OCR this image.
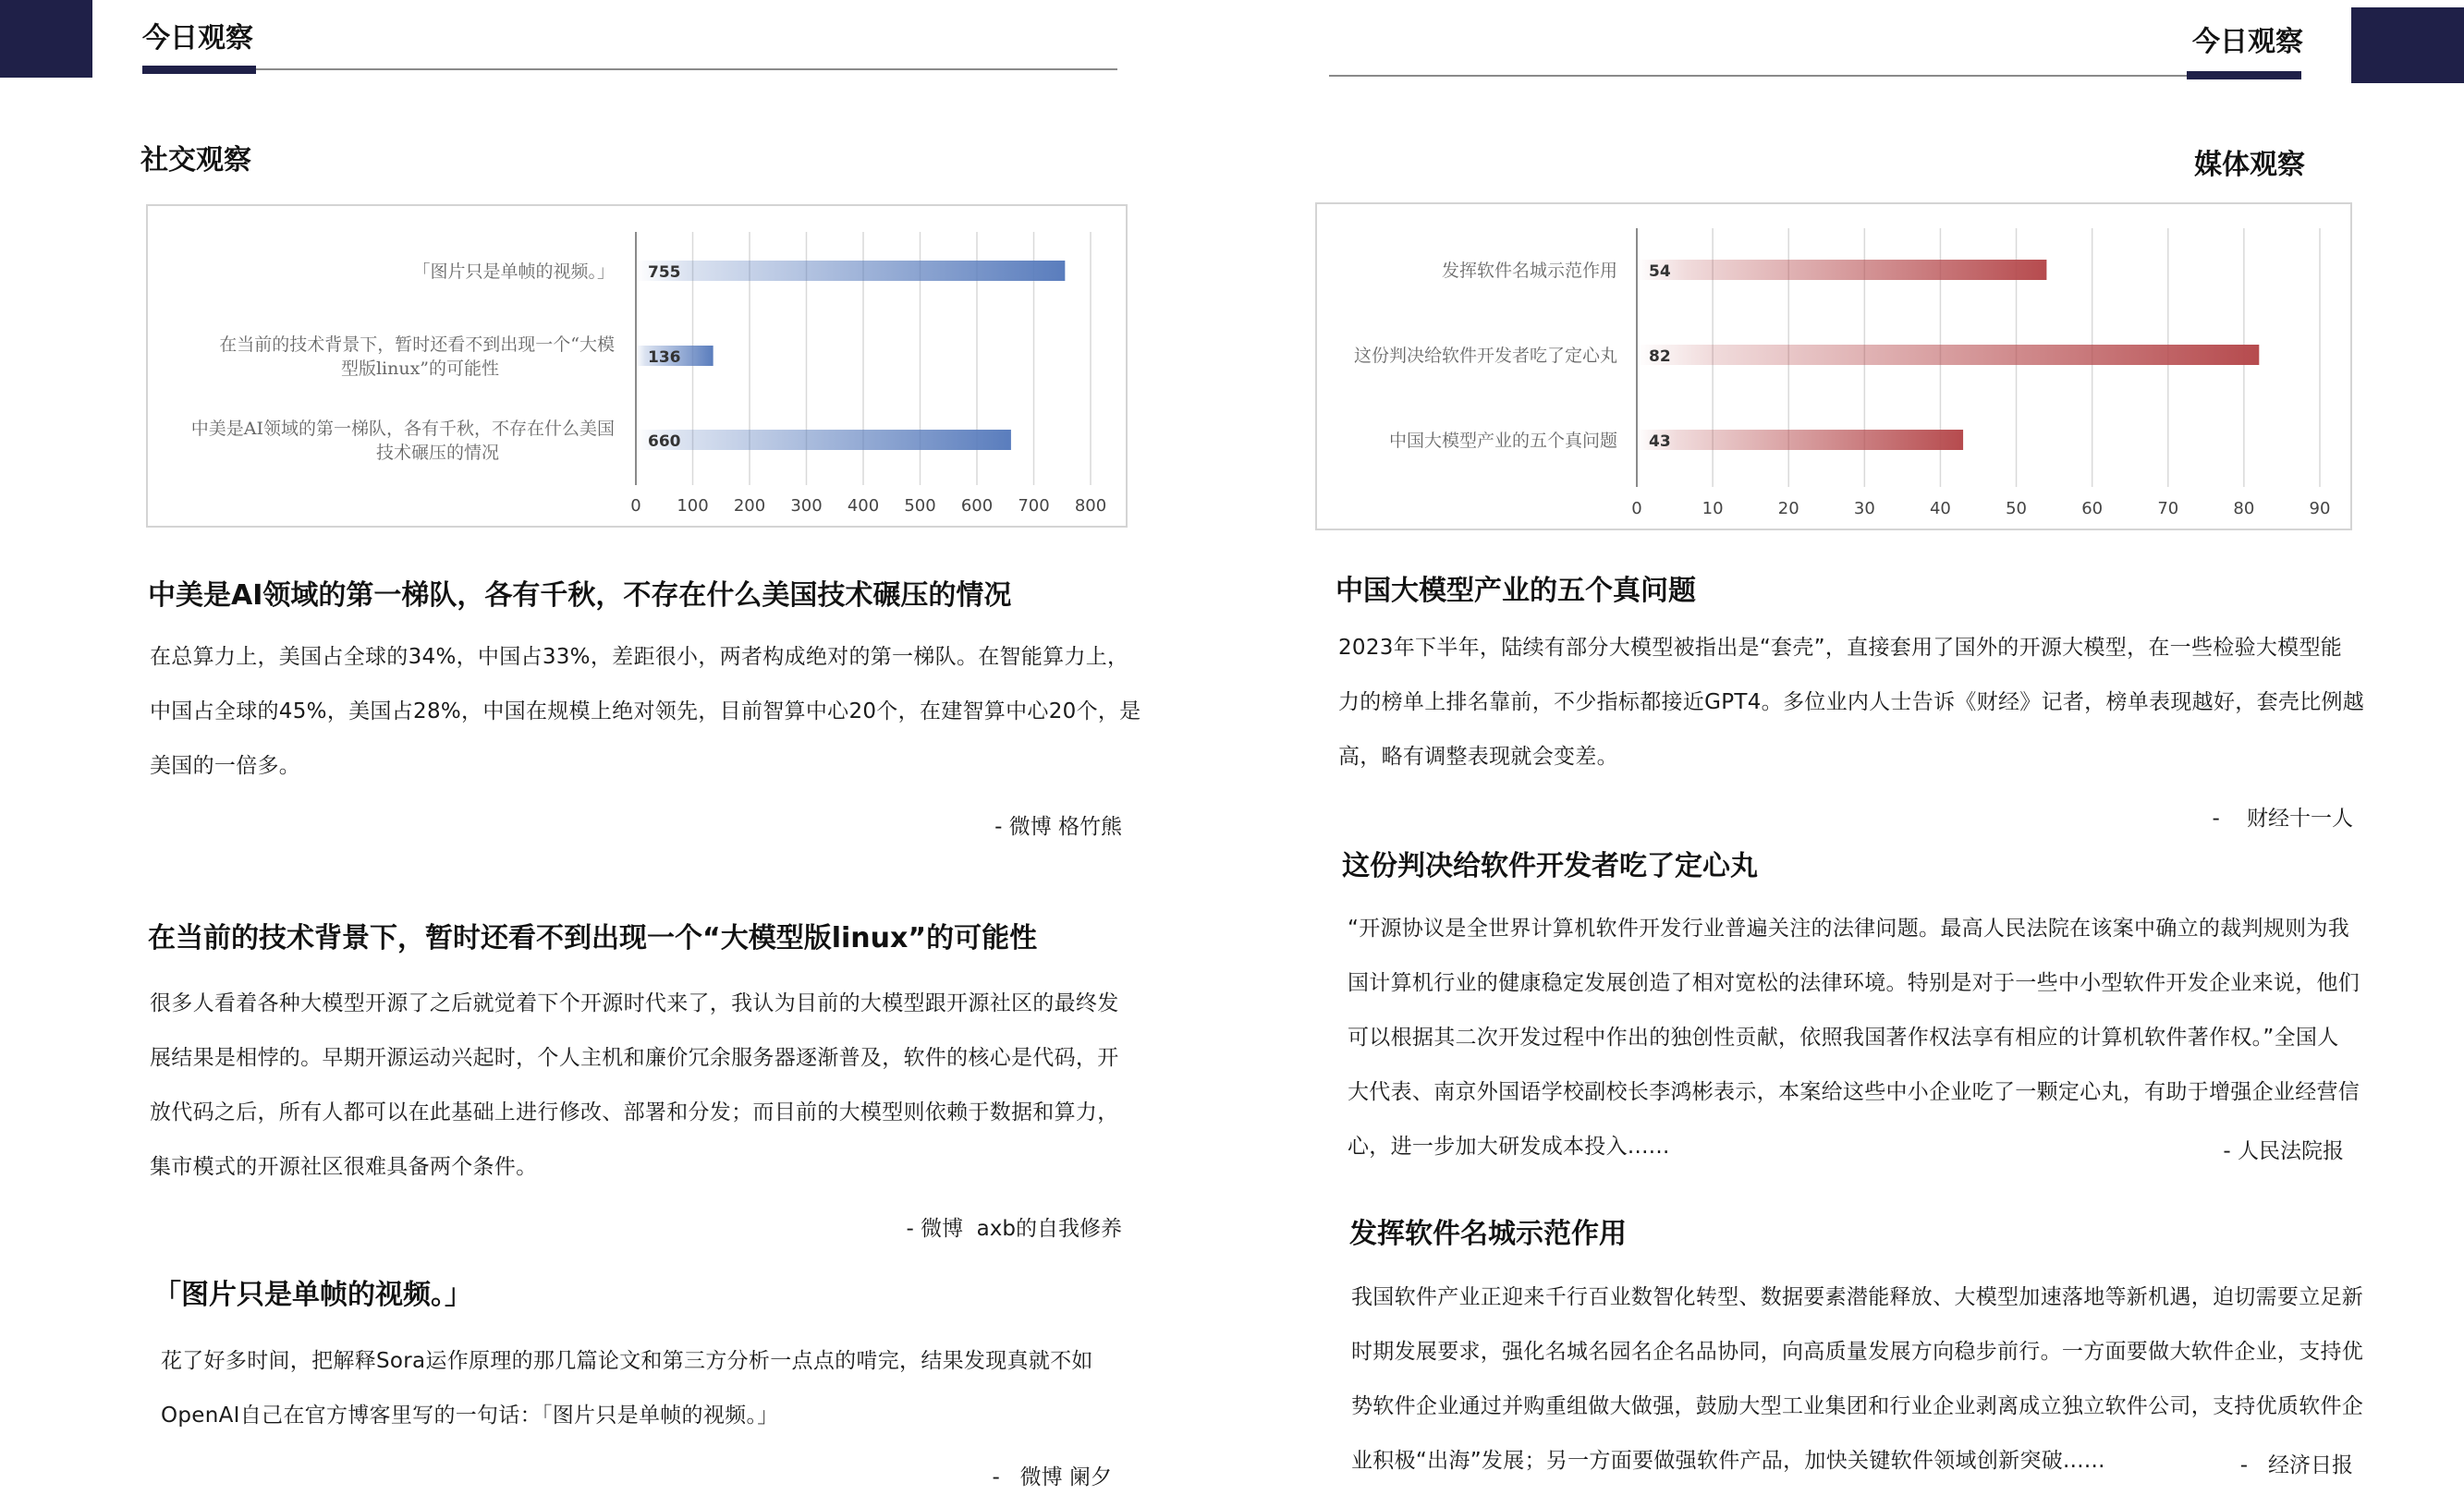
今日观察	今日观察
社交观察	媒体观察
0 100 200 300 400 500 600 700 800
755
「图片只是单帧的视频。」
136
在当前的技术背景下，暂时还看不到出现一个“大模
型版linux”的可能性
660
中美是AI领域的第一梯队，各有千秋，不存在什么美国
技术碾压的情况
0	10	20	30	40	50	60	70	80	90
54
发挥软件名城示范作用
82
这份判决给软件开发者吃了定心丸
43
中国大模型产业的五个真问题
中美是AI领域的第一梯队，各有千秋，不存在什么美国技术碾压的情况
在总算力上，美国占全球的34%，中国占33%，差距很小，两者构成绝对的第一梯队。在智能算力上，
中国占全球的45%，美国占28%，中国在规模上绝对领先，目前智算中心20个，在建智算中心20个，是
美国的一倍多。
- 微博 格竹熊
在当前的技术背景下，暂时还看不到出现一个“大模型版linux”的可能性
很多人看着各种大模型开源了之后就觉着下个开源时代来了，我认为目前的大模型跟开源社区的最终发
展结果是相悖的。早期开源运动兴起时，个人主机和廉价冗余服务器逐渐普及，软件的核心是代码，开
放代码之后，所有人都可以在此基础上进行修改、部署和分发；而目前的大模型则依赖于数据和算力，
集市模式的开源社区很难具备两个条件。
- 微博  axb的自我修养
「图片只是单帧的视频。」
花了好多时间，把解释Sora运作原理的那几篇论文和第三方分析一点点的啃完，结果发现真就不如
OpenAI自己在官方博客里写的一句话：「图片只是单帧的视频。」
-   微博 阑夕
中国大模型产业的五个真问题
2023年下半年，陆续有部分大模型被指出是“套壳”，直接套用了国外的开源大模型，在一些检验大模型能
力的榜单上排名靠前，不少指标都接近GPT4。多位业内人士告诉《财经》记者，榜单表现越好，套壳比例越
高，略有调整表现就会变差。
-    财经十一人
这份判决给软件开发者吃了定心丸
“开源协议是全世界计算机软件开发行业普遍关注的法律问题。最高人民法院在该案中确立的裁判规则为我
国计算机行业的健康稳定发展创造了相对宽松的法律环境。特别是对于一些中小型软件开发企业来说，他们
可以根据其二次开发过程中作出的独创性贡献，依照我国著作权法享有相应的计算机软件著作权。”全国人
大代表、南京外国语学校副校长李鸿彬表示，本案给这些中小企业吃了一颗定心丸，有助于增强企业经营信
心，进一步加大研发成本投入......	- 人民法院报
发挥软件名城示范作用
我国软件产业正迎来千行百业数智化转型、数据要素潜能释放、大模型加速落地等新机遇，迫切需要立足新
时期发展要求，强化名城名园名企名品协同，向高质量发展方向稳步前行。一方面要做大软件企业，支持优
势软件企业通过并购重组做大做强，鼓励大型工业集团和行业企业剥离成立独立软件公司，支持优质软件企
业积极“出海”发展；另一方面要做强软件产品，加快关键软件领域创新突破......	-   经济日报
